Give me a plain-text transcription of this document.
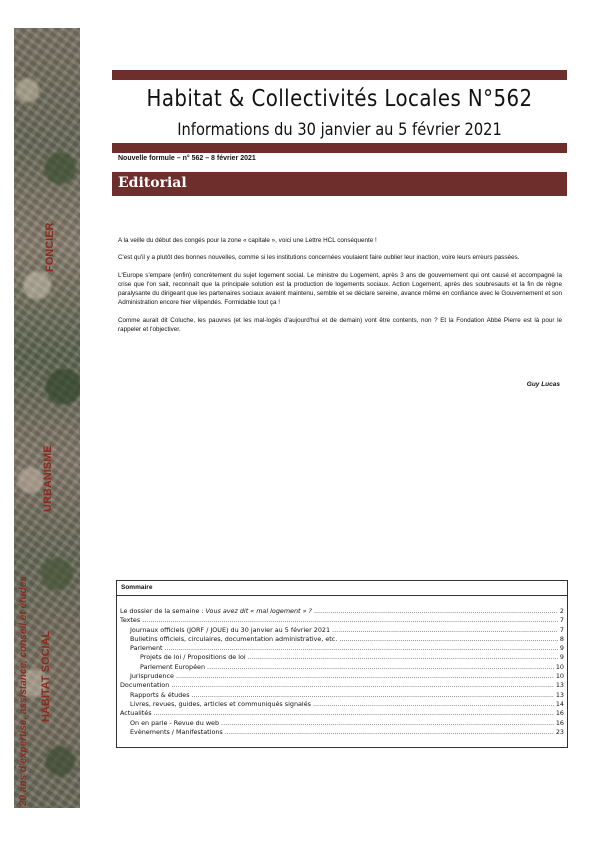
20 ans d'expertise, assistance, conseil et études HABITAT SOCIAL
URBANISME
FONCIER
Habitat & Collectivités Locales N°562
Informations du 30 janvier au 5 février 2021
Nouvelle formule – n° 562 – 8 février 2021
Editorial

A la veille du début des congés pour la zone « capitale », voici une Lettre HCL conséquente !

C'est qu'il y a plutôt des bonnes nouvelles, comme si les institutions concernées voulaient faire oublier leur inaction, voire leurs erreurs passées.

L'Europe s'empare (enfin) concrètement du sujet logement social. Le ministre du Logement, après 3 ans de gouvernement qui ont causé et accompagné la crise que l'on sait, reconnaît que la principale solution est la production de logements sociaux. Action Logement, après des soubresauts et la fin de règne paralysante du dirigeant que les partenaires sociaux avaient maintenu, semble et se déclare sereine, avance même en confiance avec le Gouvernement et son Administration encore hier vilipendés. Formidable tout ça !

Comme aurait dit Coluche, les pauvres (et les mal-logés d'aujourd'hui et de demain) vont être contents, non ? Et la Fondation Abbé Pierre est là pour le rappeler et l'objectiver.

Guy Lucas
Sommaire
Le dossier de la semaine : Vous avez dit « mal logement » ? .....	2
Textes .....	7
Journaux officiels (JORF / JOUE) du 30 janvier au 5 février 2021 .....	7
Bulletins officiels, circulaires, documentation administrative, etc. .....	8
Parlement .....	9
Projets de loi / Propositions de loi .....	9
Parlement Européen .....	10
Jurisprudence .....	10
Documentation .....	13
Rapports & études .....	13
Livres, revues, guides, articles et communiqués signalés .....	14
Actualités .....	16
On en parle - Revue du web .....	16
Evènements / Manifestations .....	23
